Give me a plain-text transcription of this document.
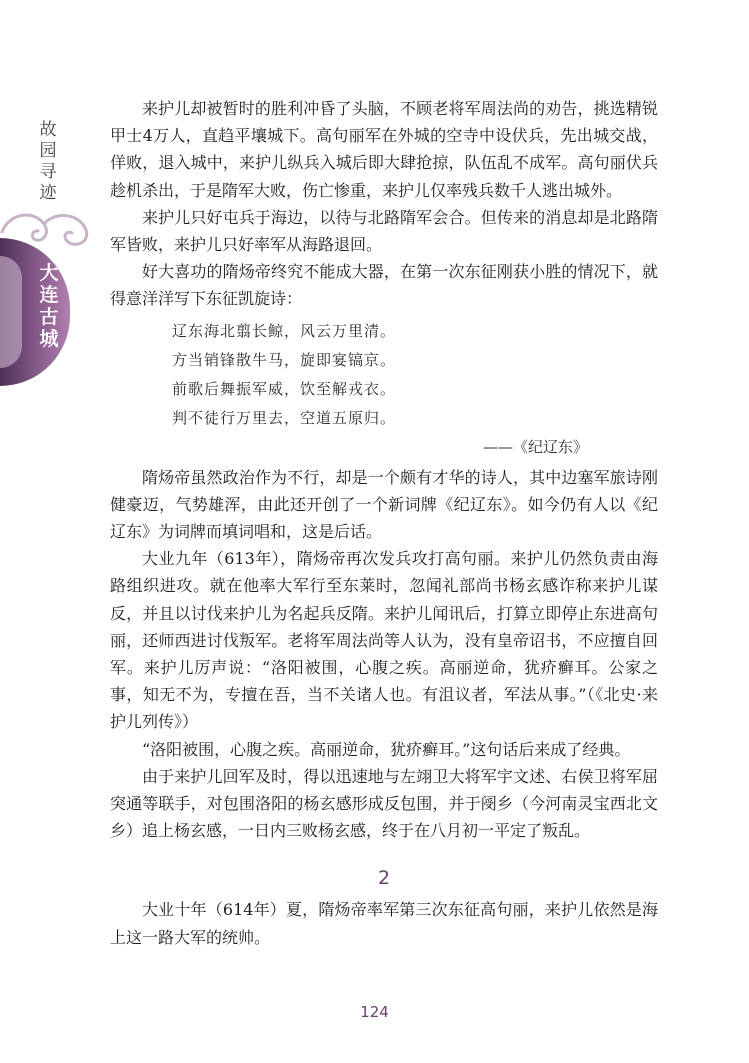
故园寻迹
大连古城

来护儿却被暂时的胜利冲昏了头脑，不顾老将军周法尚的劝告，挑选精锐甲士4万人，直趋平壤城下。高句丽军在外城的空寺中设伏兵，先出城交战，佯败，退入城中，来护儿纵兵入城后即大肆抢掠，队伍乱不成军。高句丽伏兵趁机杀出，于是隋军大败，伤亡惨重，来护儿仅率残兵数千人逃出城外。

来护儿只好屯兵于海边，以待与北路隋军会合。但传来的消息却是北路隋军皆败，来护儿只好率军从海路退回。

好大喜功的隋炀帝终究不能成大器，在第一次东征刚获小胜的情况下，就得意洋洋写下东征凯旋诗：

辽东海北翦长鲸，风云万里清。
方当销锋散牛马，旋即宴镐京。
前歌后舞振军威，饮至解戎衣。
判不徒行万里去，空道五原归。
——《纪辽东》

隋炀帝虽然政治作为不行，却是一个颇有才华的诗人，其中边塞军旅诗刚健豪迈，气势雄浑，由此还开创了一个新词牌《纪辽东》。如今仍有人以《纪辽东》为词牌而填词唱和，这是后话。

大业九年（613年），隋炀帝再次发兵攻打高句丽。来护儿仍然负责由海路组织进攻。就在他率大军行至东莱时，忽闻礼部尚书杨玄感诈称来护儿谋反，并且以讨伐来护儿为名起兵反隋。来护儿闻讯后，打算立即停止东进高句丽，还师西进讨伐叛军。老将军周法尚等人认为，没有皇帝诏书，不应擅自回军。来护儿厉声说：“洛阳被围，心腹之疾。高丽逆命，犹疥癣耳。公家之事，知无不为，专擅在吾，当不关诸人也。有沮议者，军法从事。”（《北史·来护儿列传》）

“洛阳被围，心腹之疾。高丽逆命，犹疥癣耳。”这句话后来成了经典。

由于来护儿回军及时，得以迅速地与左翊卫大将军宇文述、右侯卫将军屈突通等联手，对包围洛阳的杨玄感形成反包围，并于阌乡（今河南灵宝西北文乡）追上杨玄感，一日内三败杨玄感，终于在八月初一平定了叛乱。

2

大业十年（614年）夏，隋炀帝率军第三次东征高句丽，来护儿依然是海上这一路大军的统帅。

124
